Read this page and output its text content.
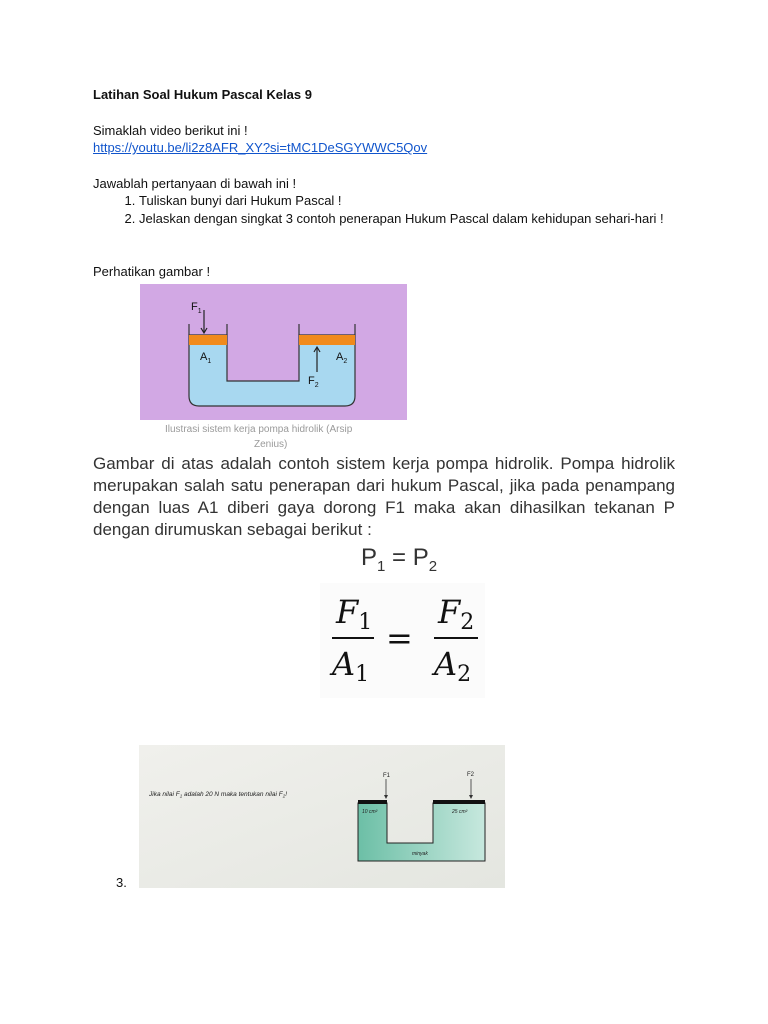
Latihan Soal Hukum Pascal Kelas 9
Simaklah video berikut ini !
https://youtu.be/li2z8AFR_XY?si=tMC1DeSGYWWC5Qov
Jawablah pertanyaan di bawah ini !
1. Tuliskan bunyi dari Hukum Pascal !
2. Jelaskan dengan singkat 3 contoh penerapan Hukum Pascal dalam kehidupan sehari-hari !
Perhatikan gambar !
$F_1$
$A_1$	$A_2$
$F_2$
Ilustrasi sistem kerja pompa hidrolik (Arsip
Zenius)
Gambar di atas adalah contoh sistem kerja pompa hidrolik. Pompa hidrolik merupakan salah satu penerapan dari hukum Pascal, jika pada penampang dengan luas A1 diberi gaya dorong F1 maka akan dihasilkan tekanan P dengan dirumuskan sebagai berikut :
$P_1 = P_2$
F1
A1
=
F2
A2
3.
Jika nilai $F_1$ adalah 20 N maka tentukan nilai $F_2$!
F1	F2
10 cm²	25 cm²
minyak
